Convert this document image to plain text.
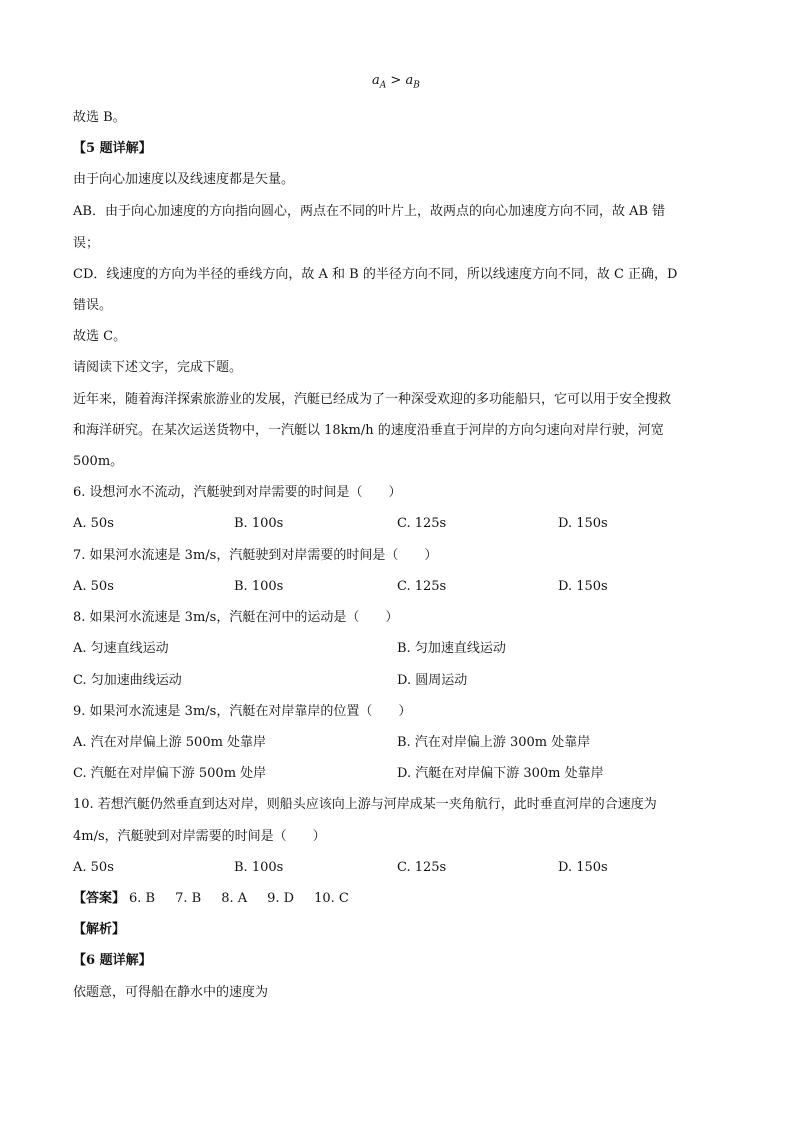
$a_A > a_B$
故选 B。
【5 题详解】
由于向心加速度以及线速度都是矢量。
AB．由于向心加速度的方向指向圆心，两点在不同的叶片上，故两点的向心加速度方向不同，故 AB 错
误；
CD．线速度的方向为半径的垂线方向，故 A 和 B 的半径方向不同，所以线速度方向不同，故 C 正确，D
错误。
故选 C。
请阅读下述文字，完成下题。
近年来，随着海洋探索旅游业的发展，汽艇已经成为了一种深受欢迎的多功能船只，它可以用于安全搜救
和海洋研究。在某次运送货物中，一汽艇以 18km/h 的速度沿垂直于河岸的方向匀速向对岸行驶，河宽
500m。
6. 设想河水不流动，汽艇驶到对岸需要的时间是（　　）
A. 50s	B. 100s	C. 125s	D. 150s
7. 如果河水流速是 3m/s，汽艇驶到对岸需要的时间是（　　）
A. 50s	B. 100s	C. 125s	D. 150s
8. 如果河水流速是 3m/s，汽艇在河中的运动是（　　）
A. 匀速直线运动	B. 匀加速直线运动
C. 匀加速曲线运动	D. 圆周运动
9. 如果河水流速是 3m/s，汽艇在对岸靠岸的位置（　　）
A. 汽在对岸偏上游 500m 处靠岸	B. 汽在对岸偏上游 300m 处靠岸
C. 汽艇在对岸偏下游 500m 处岸	D. 汽艇在对岸偏下游 300m 处靠岸
10. 若想汽艇仍然垂直到达对岸，则船头应该向上游与河岸成某一夹角航行，此时垂直河岸的合速度为
4m/s，汽艇驶到对岸需要的时间是（　　）
A. 50s	B. 100s	C. 125s	D. 150s
【答案】 6. B 7. B 8. A 9. D 10. C
【解析】
【6 题详解】
依题意，可得船在静水中的速度为
